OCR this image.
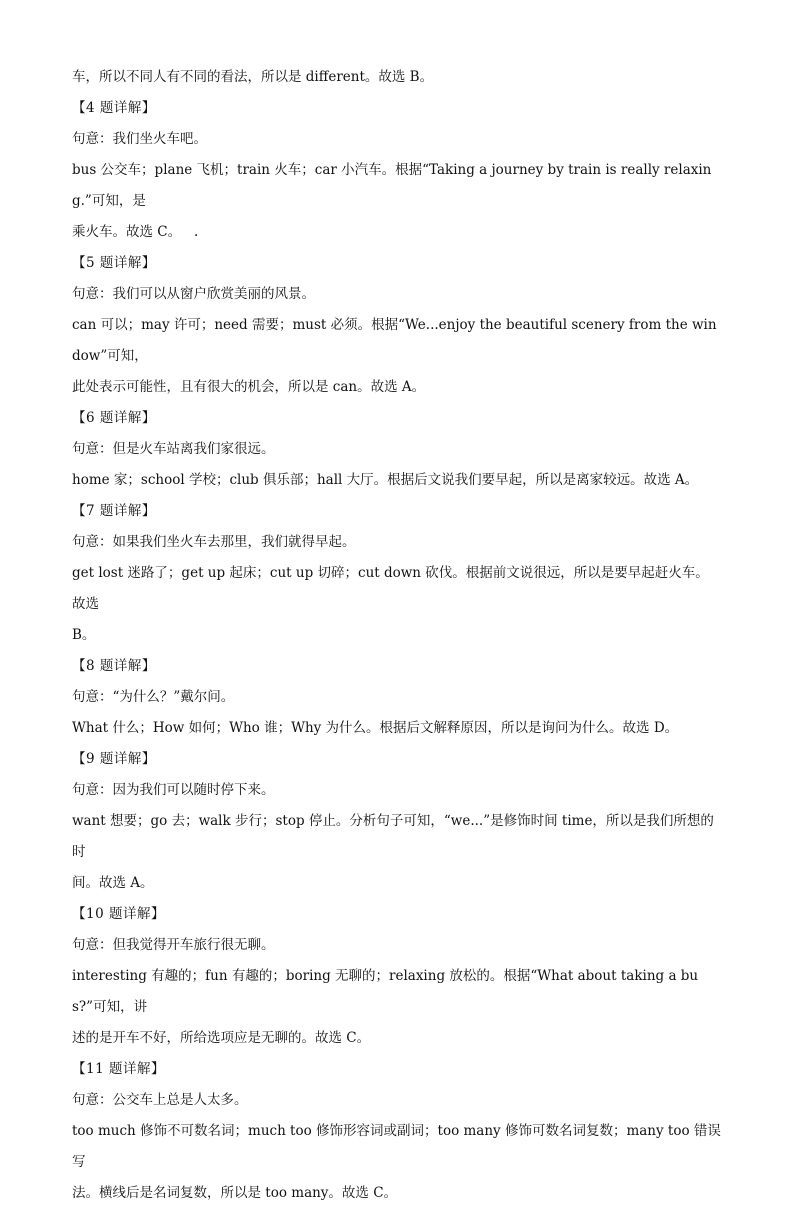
车，所以不同人有不同的看法，所以是 different。故选 B。

【4 题详解】

句意：我们坐火车吧。

bus 公交车；plane 飞机；train 火车；car 小汽车。根据“Taking a journey by train is really relaxing.”可知，是

乘火车。故选 C。   .

【5 题详解】

句意：我们可以从窗户欣赏美丽的风景。

can 可以；may 许可；need 需要；must 必须。根据“We...enjoy the beautiful scenery from the window”可知，

此处表示可能性，且有很大的机会，所以是 can。故选 A。

【6 题详解】

句意：但是火车站离我们家很远。

home 家；school 学校；club 俱乐部；hall 大厅。根据后文说我们要早起，所以是离家较远。故选 A。

【7 题详解】

句意：如果我们坐火车去那里，我们就得早起。

get lost 迷路了；get up 起床；cut up 切碎；cut down 砍伐。根据前文说很远，所以是要早起赶火车。故选

B。

【8 题详解】

句意：“为什么？”戴尔问。

What 什么；How 如何；Who 谁；Why 为什么。根据后文解释原因，所以是询问为什么。故选 D。

【9 题详解】

句意：因为我们可以随时停下来。

want 想要；go 去；walk 步行；stop 停止。分析句子可知，“we...”是修饰时间 time，所以是我们所想的时

间。故选 A。

【10 题详解】

句意：但我觉得开车旅行很无聊。

interesting 有趣的；fun 有趣的；boring 无聊的；relaxing 放松的。根据“What about taking a bus?”可知，讲

述的是开车不好，所给选项应是无聊的。故选 C。

【11 题详解】

句意：公交车上总是人太多。

too much 修饰不可数名词；much too 修饰形容词或副词；too many 修饰可数名词复数；many too 错误写

法。横线后是名词复数，所以是 too many。故选 C。
